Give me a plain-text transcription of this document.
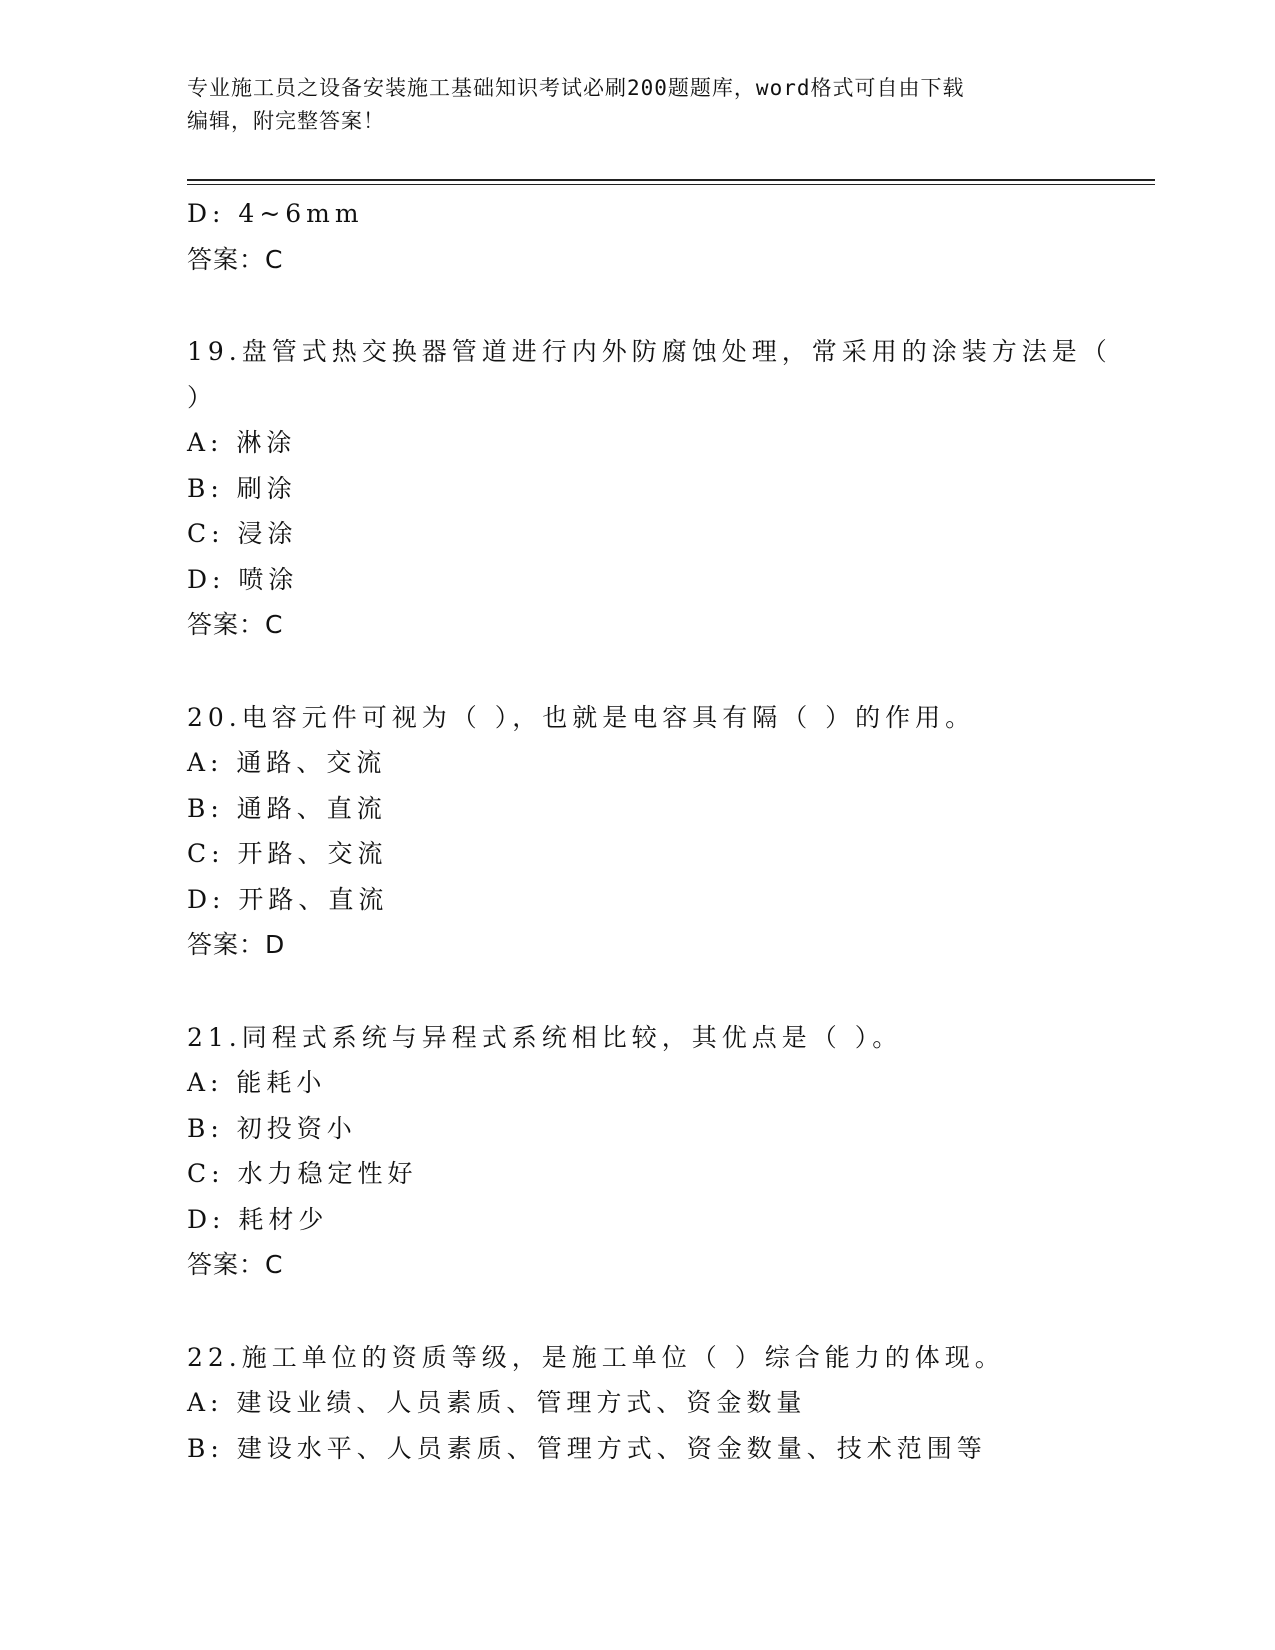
专业施工员之设备安装施工基础知识考试必刷200题题库，word格式可自由下载
编辑，附完整答案！
D: 4~6mm
答案：C
19.盘管式热交换器管道进行内外防腐蚀处理，常采用的涂装方法是（
）
A: 淋涂
B: 刷涂
C: 浸涂
D: 喷涂
答案：C
20.电容元件可视为（ ），也就是电容具有隔（ ）的作用。
A: 通路、交流
B: 通路、直流
C: 开路、交流
D: 开路、直流
答案：D
21.同程式系统与异程式系统相比较，其优点是（ ）。
A: 能耗小
B: 初投资小
C: 水力稳定性好
D: 耗材少
答案：C
22.施工单位的资质等级，是施工单位（ ）综合能力的体现。
A: 建设业绩、人员素质、管理方式、资金数量
B: 建设水平、人员素质、管理方式、资金数量、技术范围等
